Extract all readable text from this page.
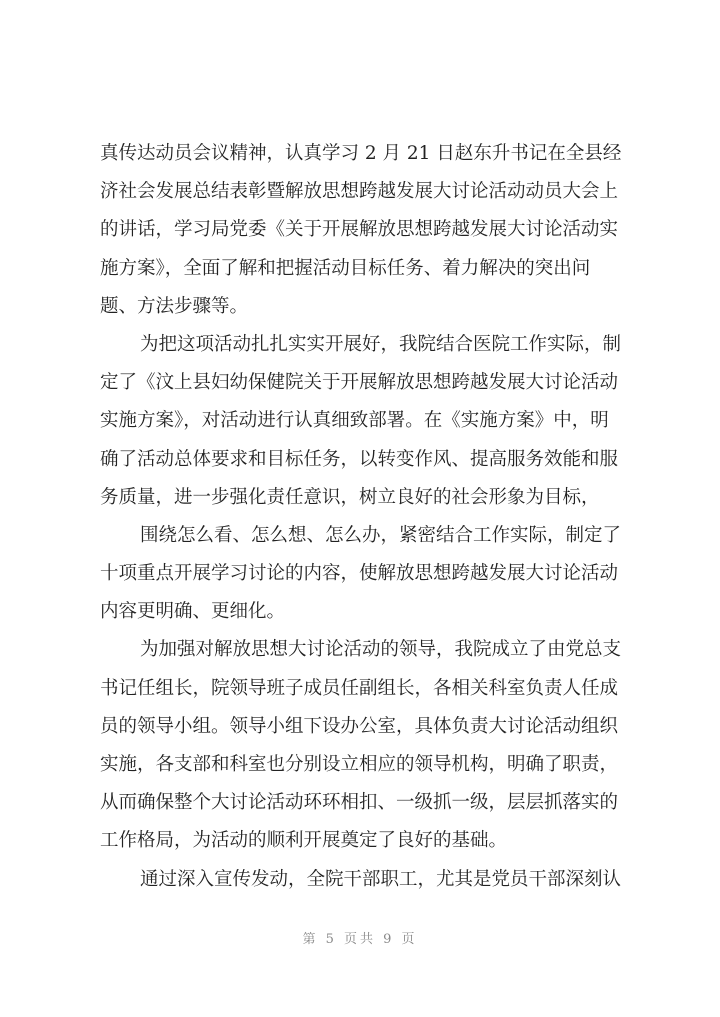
真传达动员会议精神，认真学习 2 月 21 日赵东升书记在全县经
济社会发展总结表彰暨解放思想跨越发展大讨论活动动员大会上
的讲话，学习局党委《关于开展解放思想跨越发展大讨论活动实
施方案》，全面了解和把握活动目标任务、着力解决的突出问
题、方法步骤等。
为把这项活动扎扎实实开展好，我院结合医院工作实际，制
定了《汶上县妇幼保健院关于开展解放思想跨越发展大讨论活动
实施方案》，对活动进行认真细致部署。在《实施方案》中，明
确了活动总体要求和目标任务，以转变作风、提高服务效能和服
务质量，进一步强化责任意识，树立良好的社会形象为目标，
围绕怎么看、怎么想、怎么办，紧密结合工作实际，制定了
十项重点开展学习讨论的内容，使解放思想跨越发展大讨论活动
内容更明确、更细化。
为加强对解放思想大讨论活动的领导，我院成立了由党总支
书记任组长，院领导班子成员任副组长，各相关科室负责人任成
员的领导小组。领导小组下设办公室，具体负责大讨论活动组织
实施，各支部和科室也分别设立相应的领导机构，明确了职责，
从而确保整个大讨论活动环环相扣、一级抓一级，层层抓落实的
工作格局，为活动的顺利开展奠定了良好的基础。
通过深入宣传发动，全院干部职工，尤其是党员干部深刻认
第 5 页共 9 页
